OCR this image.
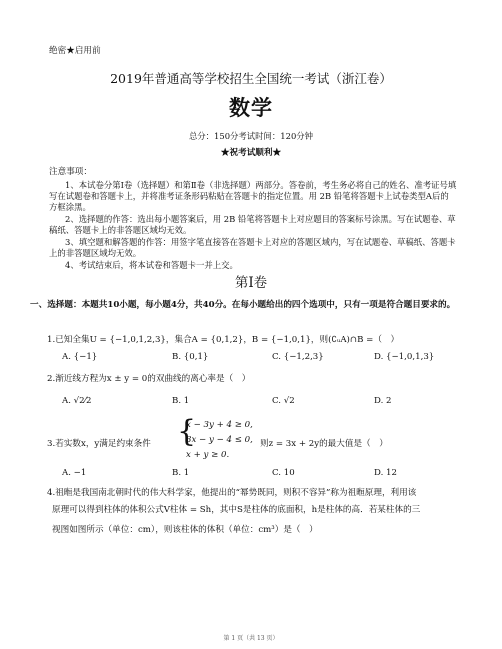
绝密★启用前
2019年普通高等学校招生全国统一考试（浙江卷）
数学
总分：150分考试时间：120分钟
★祝考试顺利★
注意事项：
1、本试卷分第Ⅰ卷（选择题）和第Ⅱ卷（非选择题）两部分。答卷前，考生务必将自己的姓名、准考证号填写在试题卷和答题卡上，并将准考证条形码粘贴在答题卡的指定位置。用 2B 铅笔将答题卡上试卷类型A后的方框涂黑。
2、选择题的作答：选出每小题答案后，用 2B 铅笔将答题卡上对应题目的答案标号涂黑。写在试题卷、草稿纸、答题卡上的非答题区域均无效。
3、填空题和解答题的作答：用签字笔直接答在答题卡上对应的答题区域内，写在试题卷、草稿纸、答题卡上的非答题区域均无效。
4、考试结束后，将本试卷和答题卡一并上交。
第Ⅰ卷
一、选择题：本题共10小题，每小题4分，共40分。在每小题给出的四个选项中，只有一项是符合题目要求的。
1.已知全集U = {−1,0,1,2,3}，集合A = {0,1,2}，B = {−1,0,1}，则(∁ᵤA)∩B =（　）
A. {−1}	B. {0,1}	C. {−1,2,3}	D. {−1,0,1,3}
2.渐近线方程为x ± y = 0的双曲线的离心率是（　）
A. √2⁄2	B. 1	C. √2	D. 2
3.若实数x，y满足约束条件 {
x − 3y + 4 ≥ 0,
3x − y − 4 ≤ 0,
x + y ≥ 0.
则z = 3x + 2y的最大值是（　）
A. −1	B. 1	C. 10	D. 12
4.祖暅是我国南北朝时代的伟大科学家，他提出的“幂势既同，则积不容异”称为祖暅原理，利用该
原理可以得到柱体的体积公式V柱体 = Sh，其中S是柱体的底面积，h是柱体的高．若某柱体的三
视图如图所示（单位：cm），则该柱体的体积（单位：cm³）是（　）
第 1 页（共 13 页）
